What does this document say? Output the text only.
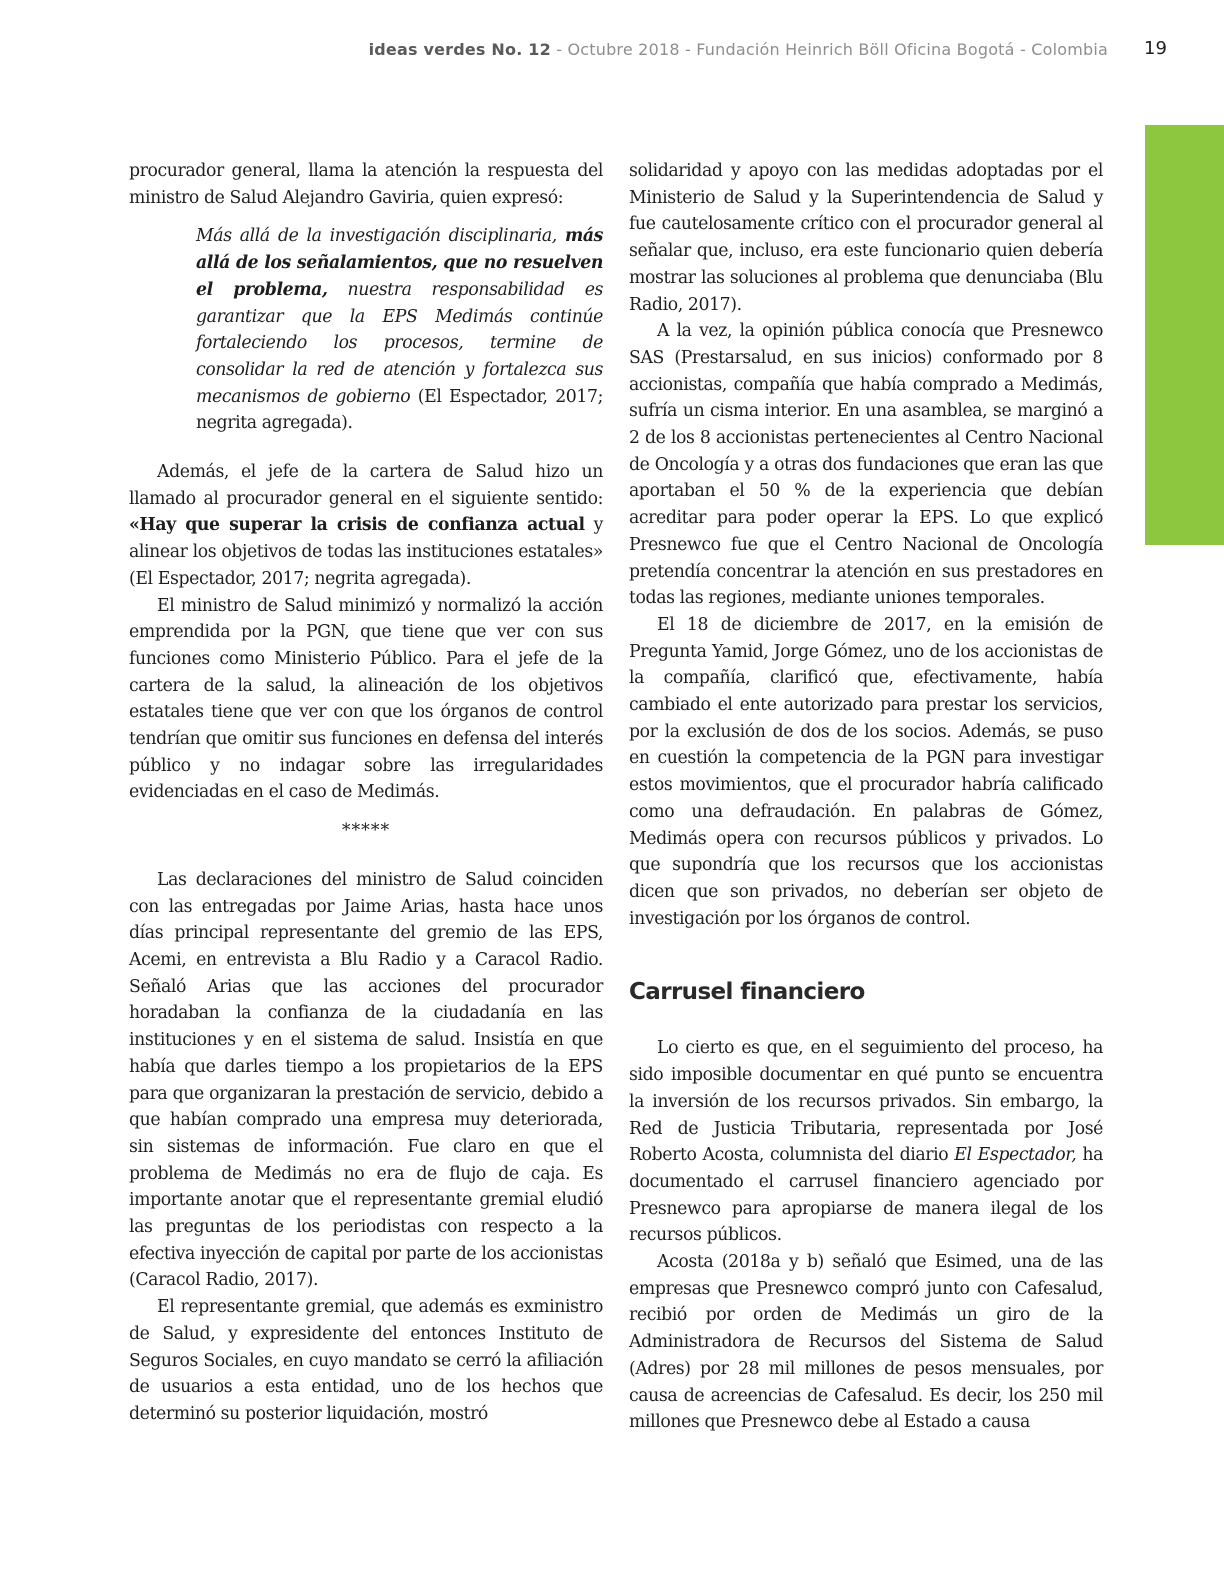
ideas verdes No. 12 - Octubre 2018 - Fundación Heinrich Böll Oficina Bogotá - Colombia 19

procurador general, llama la atención la respuesta del ministro de Salud Alejandro Gaviria, quien expresó:

Más allá de la investigación disciplinaria, más allá de los señalamientos, que no resuelven el problema, nuestra responsabilidad es garantizar que la EPS Medimás continúe fortaleciendo los procesos, termine de consolidar la red de atención y fortalezca sus mecanismos de gobierno (El Espectador, 2017; negrita agregada).

Además, el jefe de la cartera de Salud hizo un llamado al procurador general en el siguiente sentido: «Hay que superar la crisis de confianza actual y alinear los objetivos de todas las instituciones estatales» (El Espectador, 2017; negrita agregada).

El ministro de Salud minimizó y normalizó la acción emprendida por la PGN, que tiene que ver con sus funciones como Ministerio Público. Para el jefe de la cartera de la salud, la alineación de los objetivos estatales tiene que ver con que los órganos de control tendrían que omitir sus funciones en defensa del interés público y no indagar sobre las irregularidades evidenciadas en el caso de Medimás.

*****

Las declaraciones del ministro de Salud coinciden con las entregadas por Jaime Arias, hasta hace unos días principal representante del gremio de las EPS, Acemi, en entrevista a Blu Radio y a Caracol Radio. Señaló Arias que las acciones del procurador horadaban la confianza de la ciudadanía en las instituciones y en el sistema de salud. Insistía en que había que darles tiempo a los propietarios de la EPS para que organizaran la prestación de servicio, debido a que habían comprado una empresa muy deteriorada, sin sistemas de información. Fue claro en que el problema de Medimás no era de flujo de caja. Es importante anotar que el representante gremial eludió las preguntas de los periodistas con respecto a la efectiva inyección de capital por parte de los accionistas (Caracol Radio, 2017).

El representante gremial, que además es exministro de Salud, y expresidente del entonces Instituto de Seguros Sociales, en cuyo mandato se cerró la afiliación de usuarios a esta entidad, uno de los hechos que determinó su posterior liquidación, mostró

solidaridad y apoyo con las medidas adoptadas por el Ministerio de Salud y la Superintendencia de Salud y fue cautelosamente crítico con el procurador general al señalar que, incluso, era este funcionario quien debería mostrar las soluciones al problema que denunciaba (Blu Radio, 2017).

A la vez, la opinión pública conocía que Presnewco SAS (Prestarsalud, en sus inicios) conformado por 8 accionistas, compañía que había comprado a Medimás, sufría un cisma interior. En una asamblea, se marginó a 2 de los 8 accionistas pertenecientes al Centro Nacional de Oncología y a otras dos fundaciones que eran las que aportaban el 50 % de la experiencia que debían acreditar para poder operar la EPS. Lo que explicó Presnewco fue que el Centro Nacional de Oncología pretendía concentrar la atención en sus prestadores en todas las regiones, mediante uniones temporales.

El 18 de diciembre de 2017, en la emisión de Pregunta Yamid, Jorge Gómez, uno de los accionistas de la compañía, clarificó que, efectivamente, había cambiado el ente autorizado para prestar los servicios, por la exclusión de dos de los socios. Además, se puso en cuestión la competencia de la PGN para investigar estos movimientos, que el procurador habría calificado como una defraudación. En palabras de Gómez, Medimás opera con recursos públicos y privados. Lo que supondría que los recursos que los accionistas dicen que son privados, no deberían ser objeto de investigación por los órganos de control.

Carrusel financiero

Lo cierto es que, en el seguimiento del proceso, ha sido imposible documentar en qué punto se encuentra la inversión de los recursos privados. Sin embargo, la Red de Justicia Tributaria, representada por José Roberto Acosta, columnista del diario El Espectador, ha documentado el carrusel financiero agenciado por Presnewco para apropiarse de manera ilegal de los recursos públicos.

Acosta (2018a y b) señaló que Esimed, una de las empresas que Presnewco compró junto con Cafesalud, recibió por orden de Medimás un giro de la Administradora de Recursos del Sistema de Salud (Adres) por 28 mil millones de pesos mensuales, por causa de acreencias de Cafesalud. Es decir, los 250 mil millones que Presnewco debe al Estado a causa
